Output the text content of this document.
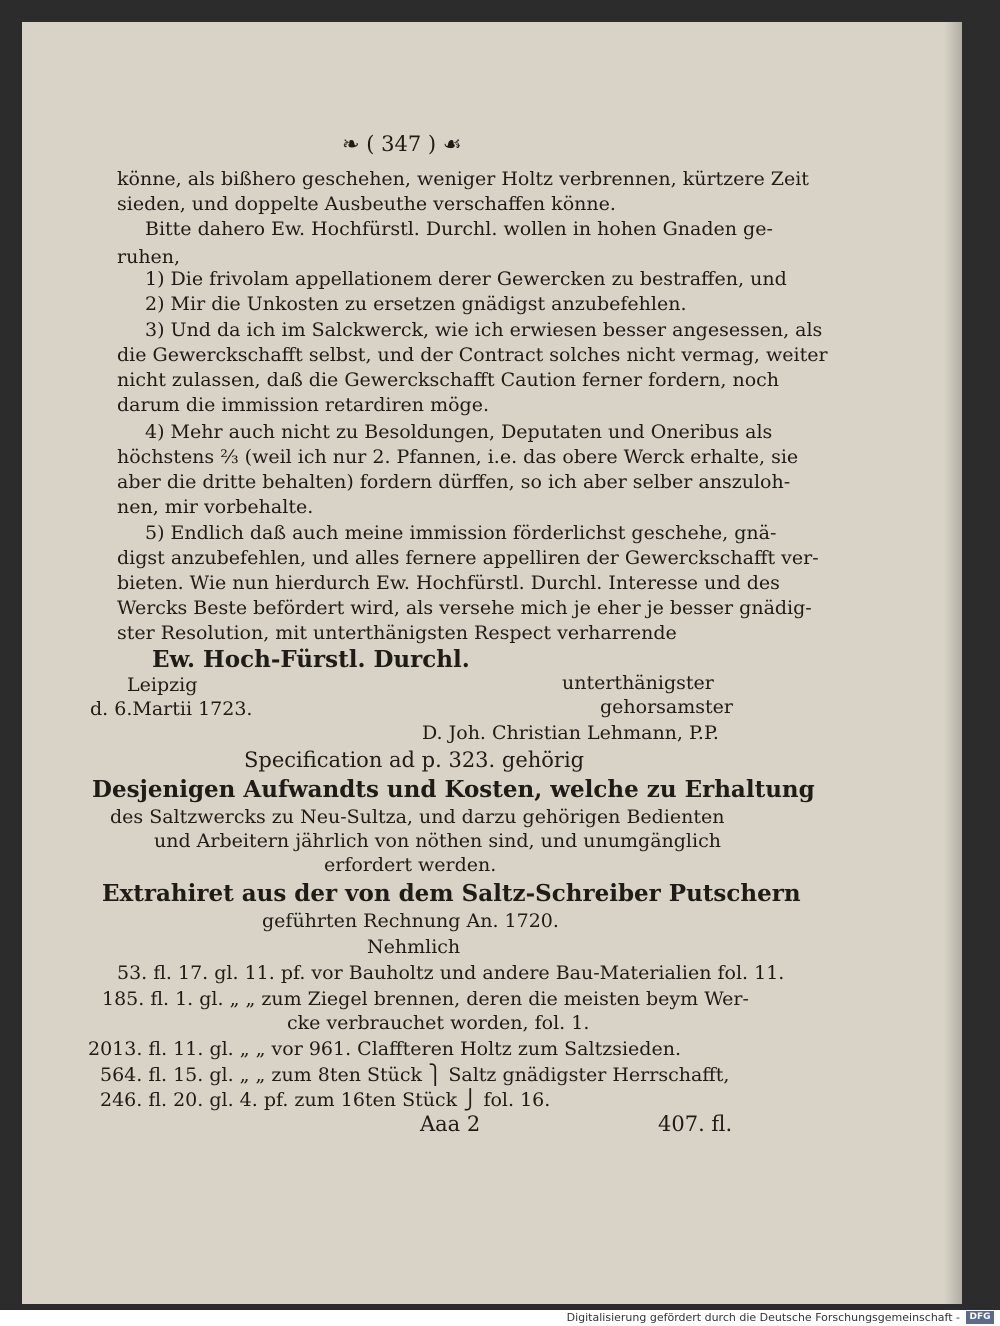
❧ ( 347 ) ☙
könne, als bißhero geschehen, weniger Holtz verbrennen, kürtzere Zeit
sieden, und doppelte Ausbeuthe verschaffen könne.
Bitte dahero Ew. Hochfürstl. Durchl. wollen in hohen Gnaden ge-
ruhen,
1) Die frivolam appellationem derer Gewercken zu bestraffen, und
2) Mir die Unkosten zu ersetzen gnädigst anzubefehlen.
3) Und da ich im Salckwerck, wie ich erwiesen besser angesessen, als
die Gewerckschafft selbst, und der Contract solches nicht vermag, weiter
nicht zulassen, daß die Gewerckschafft Caution ferner fordern, noch
darum die immission retardiren möge.
4) Mehr auch nicht zu Besoldungen, Deputaten und Oneribus als
höchstens ⅔ (weil ich nur 2. Pfannen, i.e. das obere Werck erhalte, sie
aber die dritte behalten) fordern dürffen, so ich aber selber anszuloh-
nen, mir vorbehalte.
5) Endlich daß auch meine immission förderlichst geschehe, gnä-
digst anzubefehlen, und alles fernere appelliren der Gewerckschafft ver-
bieten. Wie nun hierdurch Ew. Hochfürstl. Durchl. Interesse und des
Wercks Beste befördert wird, als versehe mich je eher je besser gnädig-
ster Resolution, mit unterthänigsten Respect verharrende
Ew. Hoch-Fürstl. Durchl.
Leipzig	unterthänigster
d. 6.Martii 1723.	gehorsamster
D. Joh. Christian Lehmann, P.P.
Specification ad p. 323. gehörig
Desjenigen Aufwandts und Kosten, welche zu Erhaltung
des Saltzwercks zu Neu-Sultza, und darzu gehörigen Bedienten
und Arbeitern jährlich von nöthen sind, und unumgänglich
erfordert werden.
Extrahiret aus der von dem Saltz-Schreiber Putschern
geführten Rechnung An. 1720.
Nehmlich
53. fl. 17. gl. 11. pf. vor Bauholtz und andere Bau-Materialien fol. 11.
185. fl. 1. gl. „ „ zum Ziegel brennen, deren die meisten beym Wer-
cke verbrauchet worden, fol. 1.
2013. fl. 11. gl. „ „ vor 961. Claffteren Holtz zum Saltzsieden.
564. fl. 15. gl. „ „ zum 8ten Stück ⎫ Saltz gnädigster Herrschafft,
246. fl. 20. gl. 4. pf. zum 16ten Stück ⎭ fol. 16.
Aaa 2	407. fl.
Digitalisierung gefördert durch die Deutsche Forschungsgemeinschaft -	DFG
